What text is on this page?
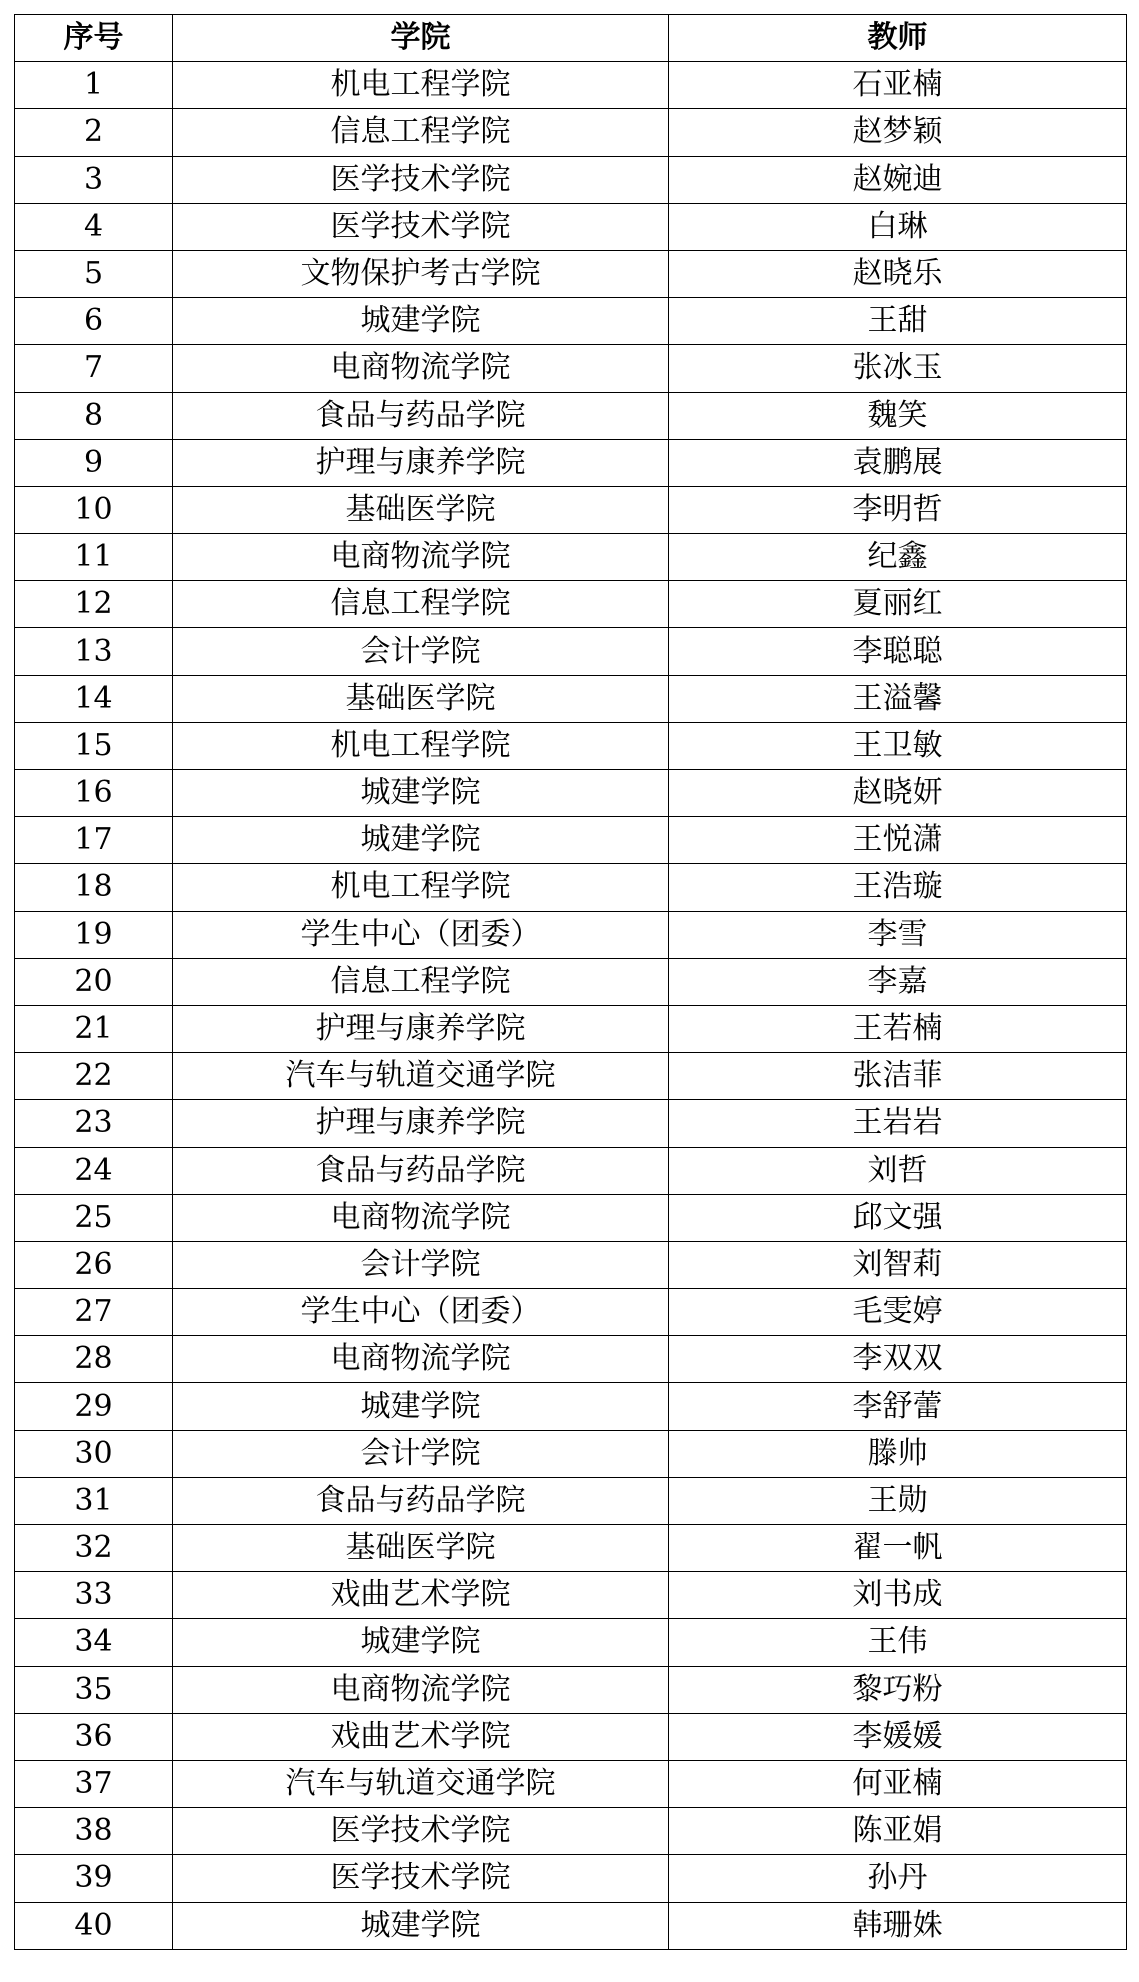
序号	学院	教师
1	机电工程学院	石亚楠
2	信息工程学院	赵梦颖
3	医学技术学院	赵婉迪
4	医学技术学院	白琳
5	文物保护考古学院	赵晓乐
6	城建学院	王甜
7	电商物流学院	张冰玉
8	食品与药品学院	魏笑
9	护理与康养学院	袁鹏展
10	基础医学院	李明哲
11	电商物流学院	纪鑫
12	信息工程学院	夏丽红
13	会计学院	李聪聪
14	基础医学院	王溢馨
15	机电工程学院	王卫敏
16	城建学院	赵晓妍
17	城建学院	王悦潇
18	机电工程学院	王浩璇
19	学生中心（团委）	李雪
20	信息工程学院	李嘉
21	护理与康养学院	王若楠
22	汽车与轨道交通学院	张洁菲
23	护理与康养学院	王岩岩
24	食品与药品学院	刘哲
25	电商物流学院	邱文强
26	会计学院	刘智莉
27	学生中心（团委）	毛雯婷
28	电商物流学院	李双双
29	城建学院	李舒蕾
30	会计学院	滕帅
31	食品与药品学院	王勋
32	基础医学院	翟一帆
33	戏曲艺术学院	刘书成
34	城建学院	王伟
35	电商物流学院	黎巧粉
36	戏曲艺术学院	李媛媛
37	汽车与轨道交通学院	何亚楠
38	医学技术学院	陈亚娟
39	医学技术学院	孙丹
40	城建学院	韩珊姝
